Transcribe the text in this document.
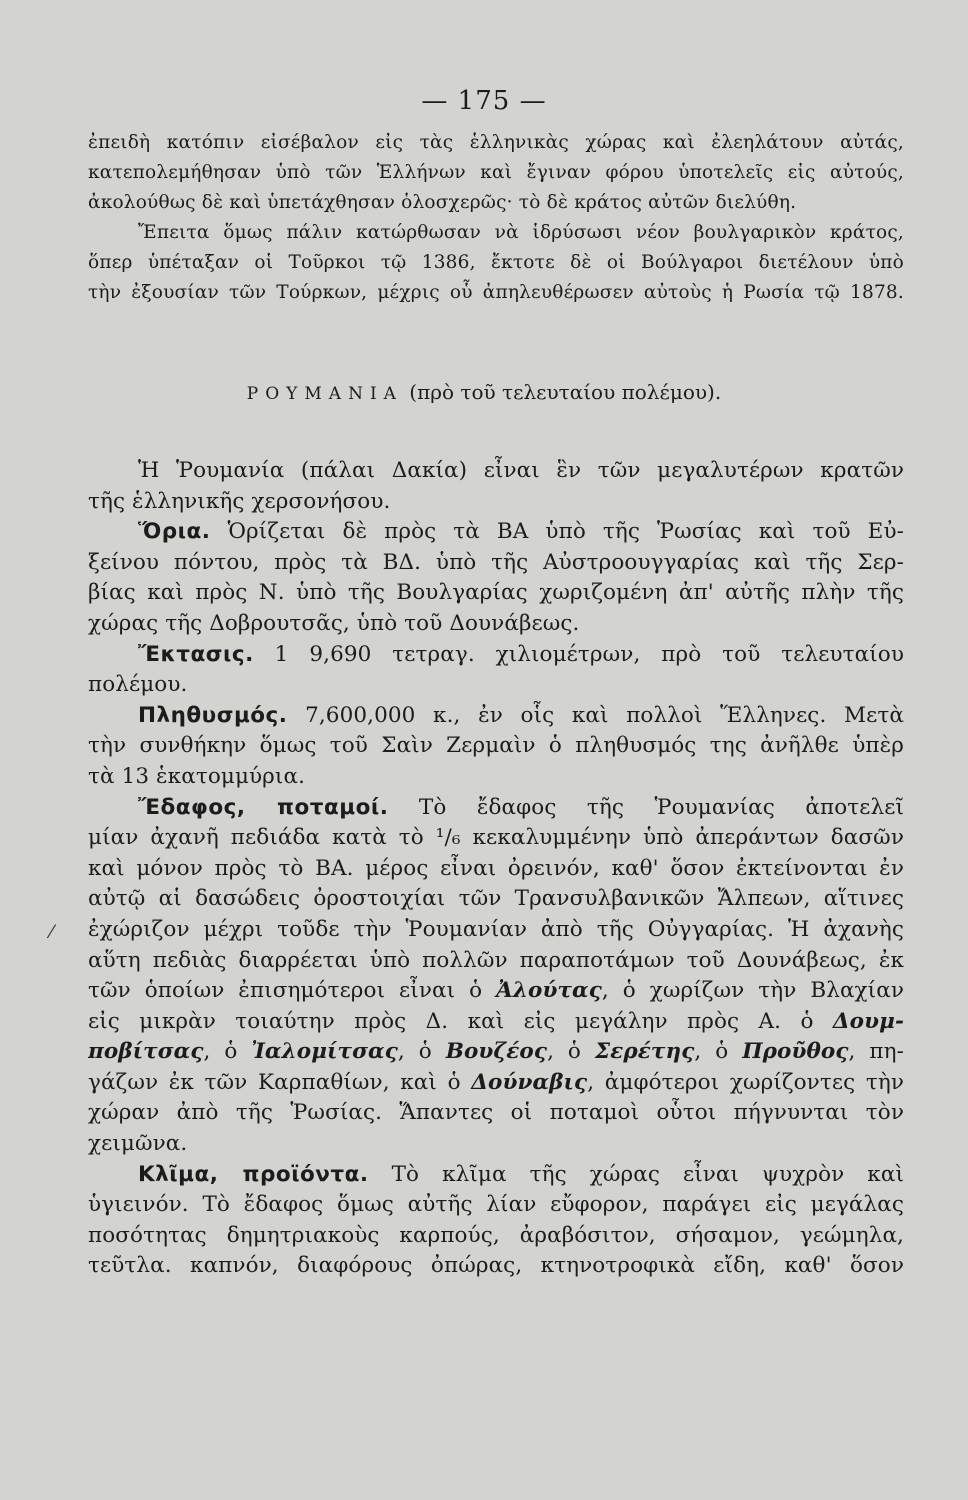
— 175 —
ἐπειδὴ κατόπιν εἰσέβαλον εἰς τὰς ἑλληνικὰς χώρας καὶ ἐλεηλάτουν αὐτάς,
κατεπολεμήθησαν ὑπὸ τῶν Ἑλλήνων καὶ ἔγιναν φόρου ὑποτελεῖς εἰς αὐτούς,
ἀκολούθως δὲ καὶ ὑπετάχθησαν ὁλοσχερῶς· τὸ δὲ κράτος αὐτῶν διελύθη.
Ἔπειτα ὅμως πάλιν κατώρθωσαν νὰ ἱδρύσωσι νέον βουλγαρικὸν κράτος,
ὅπερ ὑπέταξαν οἱ Τοῦρκοι τῷ 1386, ἔκτοτε δὲ οἱ Βούλγαροι διετέλουν ὑπὸ
τὴν ἐξουσίαν τῶν Τούρκων, μέχρις οὗ ἀπηλευθέρωσεν αὐτοὺς ἡ Ρωσία τῷ 1878.
ΡΟΥΜΑΝΙΑ (πρὸ τοῦ τελευταίου πολέμου).
Ἡ Ῥουμανία (πάλαι Δακία) εἶναι ἓν τῶν μεγαλυτέρων κρατῶν
τῆς ἑλληνικῆς χερσονήσου.
Ὅρια. Ὁρίζεται δὲ πρὸς τὰ ΒΑ ὑπὸ τῆς Ῥωσίας καὶ τοῦ Εὐ-
ξείνου πόντου, πρὸς τὰ ΒΔ. ὑπὸ τῆς Αὐστροουγγαρίας καὶ τῆς Σερ-
βίας καὶ πρὸς Ν. ὑπὸ τῆς Βουλγαρίας χωριζομένη ἀπ' αὐτῆς πλὴν τῆς
χώρας τῆς Δοβρουτσᾶς, ὑπὸ τοῦ Δουνάβεως.
Ἔκτασις. 1 9,690 τετραγ. χιλιομέτρων, πρὸ τοῦ τελευταίου
πολέμου.
Πληθυσμός. 7,600,000 κ., ἐν οἷς καὶ πολλοὶ Ἕλληνες. Μετὰ
τὴν συνθήκην ὅμως τοῦ Σαὶν Ζερμαὶν ὁ πληθυσμός της ἀνῆλθε ὑπὲρ
τὰ 13 ἑκατομμύρια.
Ἔδαφος, ποταμοί. Τὸ ἔδαφος τῆς Ῥουμανίας ἀποτελεῖ
μίαν ἀχανῆ πεδιάδα κατὰ τὸ ¹/₆ κεκαλυμμένην ὑπὸ ἀπεράντων δασῶν
καὶ μόνον πρὸς τὸ ΒΑ. μέρος εἶναι ὀρεινόν, καθ' ὅσον ἐκτείνονται ἐν
αὐτῷ αἱ δασώδεις ὀροστοιχίαι τῶν Τρανσυλβανικῶν Ἄλπεων, αἵτινες
ἐχώριζον μέχρι τοῦδε τὴν Ῥουμανίαν ἀπὸ τῆς Οὐγγαρίας. Ἡ ἀχανὴς
αὕτη πεδιὰς διαρρέεται ὑπὸ πολλῶν παραποτάμων τοῦ Δουνάβεως, ἐκ
τῶν ὁποίων ἐπισημότεροι εἶναι ὁ Ἀλούτας, ὁ χωρίζων τὴν Βλαχίαν
εἰς μικρὰν τοιαύτην πρὸς Δ. καὶ εἰς μεγάλην πρὸς Α. ὁ Δουμ-
ποβίτσας, ὁ Ἰαλομίτσας, ὁ Βουζέος, ὁ Σερέτης, ὁ Προῦθος, πη-
γάζων ἐκ τῶν Καρπαθίων, καὶ ὁ Δούναβις, ἀμφότεροι χωρίζοντες τὴν
χώραν ἀπὸ τῆς Ῥωσίας. Ἅπαντες οἱ ποταμοὶ οὗτοι πήγνυνται τὸν
χειμῶνα.
Κλῖμα, προϊόντα. Τὸ κλῖμα τῆς χώρας εἶναι ψυχρὸν καὶ
ὑγιεινόν. Τὸ ἔδαφος ὅμως αὐτῆς λίαν εὔφορον, παράγει εἰς μεγάλας
ποσότητας δημητριακοὺς καρπούς, ἀραβόσιτον, σήσαμον, γεώμηλα,
τεῦτλα. καπνόν, διαφόρους ὀπώρας, κτηνοτροφικὰ εἴδη, καθ' ὅσον
⁄
